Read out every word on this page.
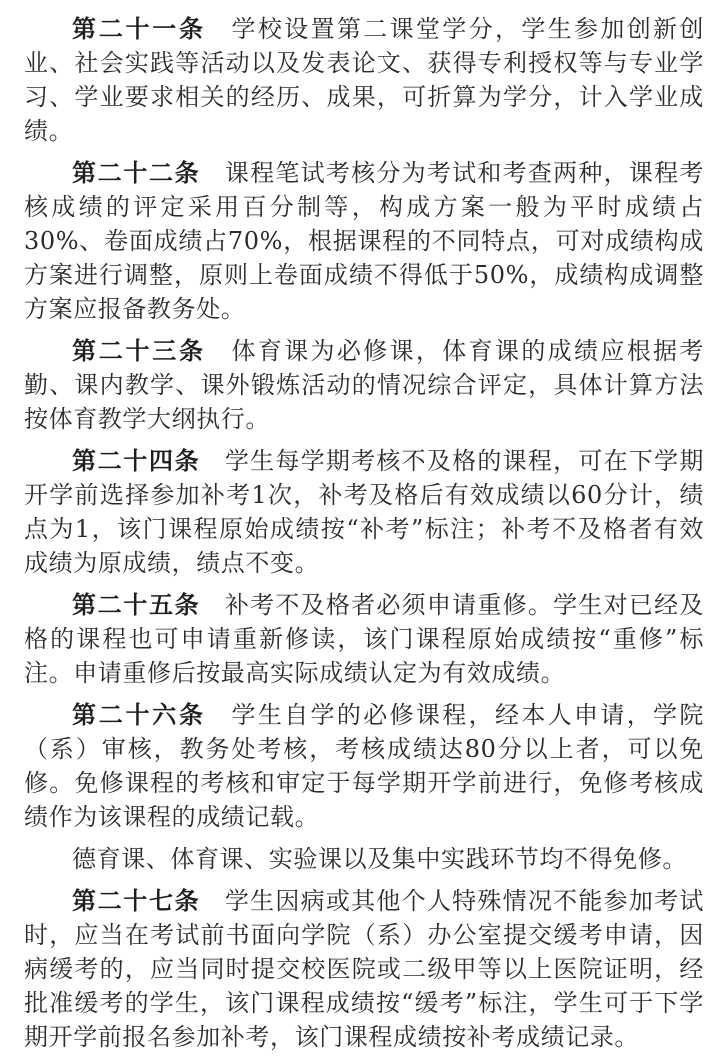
第二十一条 学校设置第二课堂学分，学生参加创新创业、社会实践等活动以及发表论文、获得专利授权等与专业学习、学业要求相关的经历、成果，可折算为学分，计入学业成绩。

第二十二条 课程笔试考核分为考试和考查两种，课程考核成绩的评定采用百分制等，构成方案一般为平时成绩占30%、卷面成绩占70%，根据课程的不同特点，可对成绩构成方案进行调整，原则上卷面成绩不得低于50%，成绩构成调整方案应报备教务处。

第二十三条 体育课为必修课，体育课的成绩应根据考勤、课内教学、课外锻炼活动的情况综合评定，具体计算方法按体育教学大纲执行。

第二十四条 学生每学期考核不及格的课程，可在下学期开学前选择参加补考1次，补考及格后有效成绩以60分计，绩点为1，该门课程原始成绩按“补考”标注；补考不及格者有效成绩为原成绩，绩点不变。

第二十五条 补考不及格者必须申请重修。学生对已经及格的课程也可申请重新修读，该门课程原始成绩按“重修”标注。申请重修后按最高实际成绩认定为有效成绩。

第二十六条 学生自学的必修课程，经本人申请，学院（系）审核，教务处考核，考核成绩达80分以上者，可以免修。免修课程的考核和审定于每学期开学前进行，免修考核成绩作为该课程的成绩记载。

德育课、体育课、实验课以及集中实践环节均不得免修。

第二十七条 学生因病或其他个人特殊情况不能参加考试时，应当在考试前书面向学院（系）办公室提交缓考申请，因病缓考的，应当同时提交校医院或二级甲等以上医院证明，经批准缓考的学生，该门课程成绩按“缓考”标注，学生可于下学期开学前报名参加补考，该门课程成绩按补考成绩记录。
